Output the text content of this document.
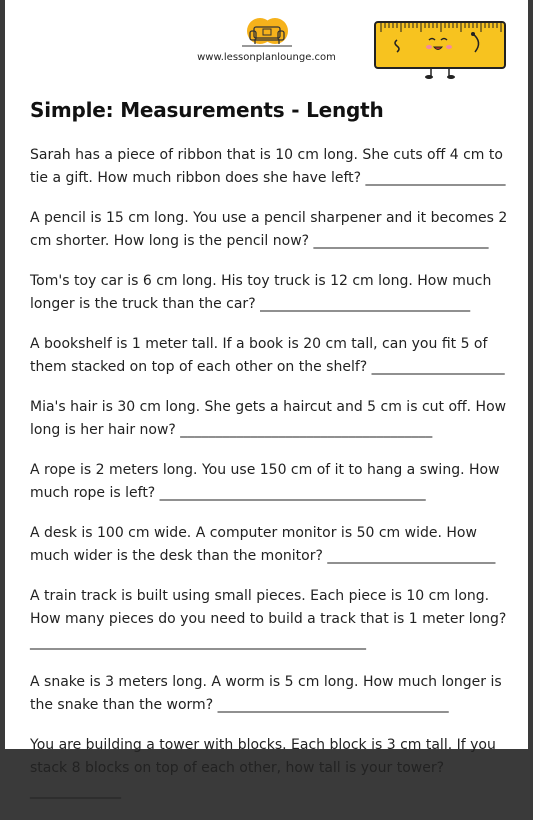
www.lessonplanlounge.com
Simple: Measurements - Length

Sarah has a piece of ribbon that is 10 cm long. She cuts off 4 cm to tie a gift. How much ribbon does she have left? ____________________

A pencil is 15 cm long. You use a pencil sharpener and it becomes 2 cm shorter. How long is the pencil now? _________________________

Tom's toy car is 6 cm long. His toy truck is 12 cm long. How much longer is the truck than the car? ______________________________

A bookshelf is 1 meter tall. If a book is 20 cm tall, can you fit 5 of them stacked on top of each other on the shelf? ___________________

Mia's hair is 30 cm long. She gets a haircut and 5 cm is cut off. How long is her hair now? ____________________________________

A rope is 2 meters long. You use 150 cm of it to hang a swing. How much rope is left? ______________________________________

A desk is 100 cm wide. A computer monitor is 50 cm wide. How much wider is the desk than the monitor? ________________________

A train track is built using small pieces. Each piece is 10 cm long. How many pieces do you need to build a track that is 1 meter long? ________________________________________________

A snake is 3 meters long. A worm is 5 cm long. How much longer is the snake than the worm? _________________________________

You are building a tower with blocks. Each block is 3 cm tall. If you stack 8 blocks on top of each other, how tall is your tower? _____________
